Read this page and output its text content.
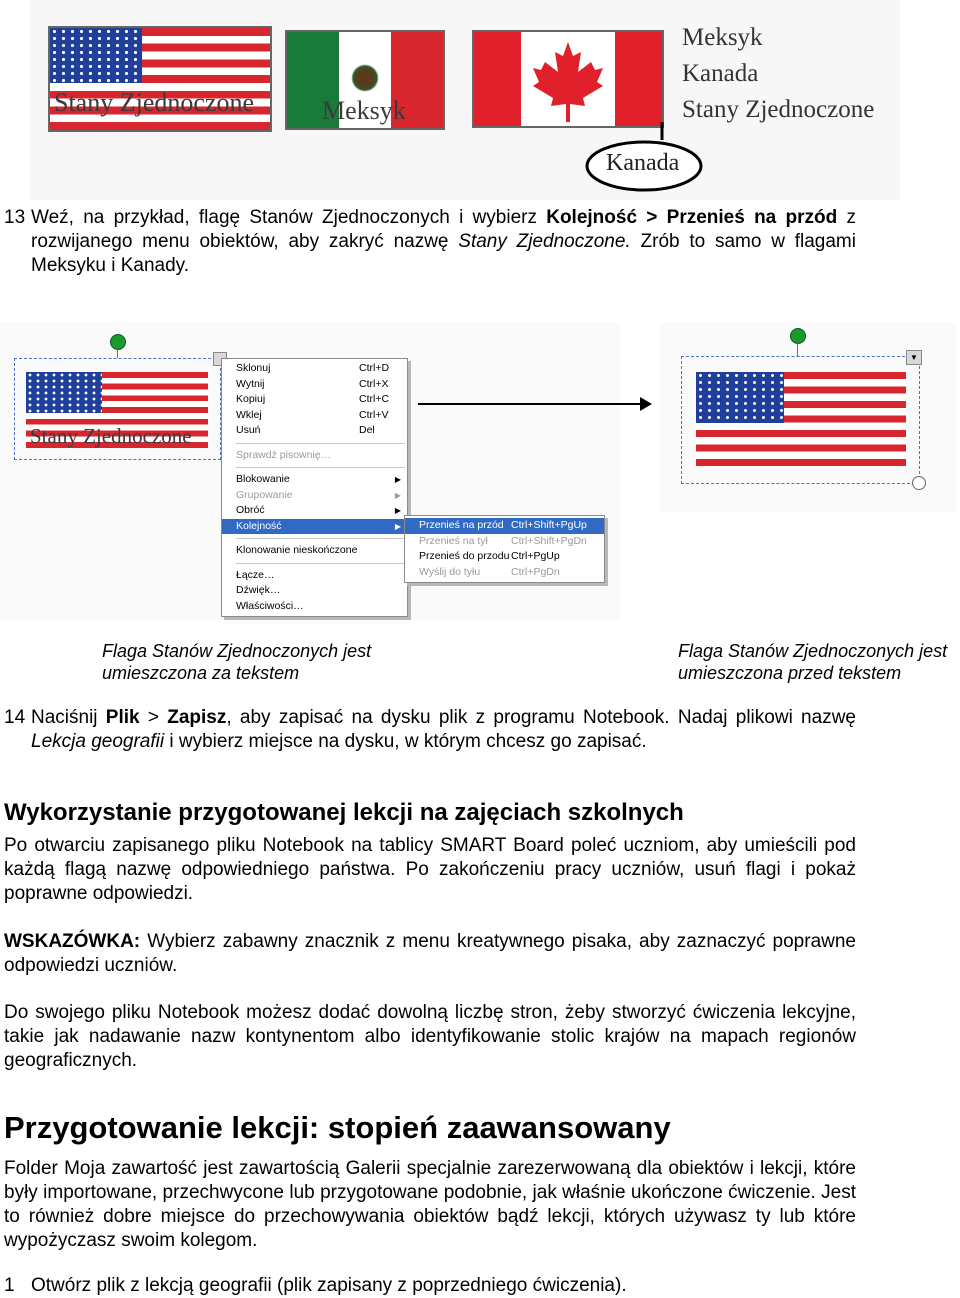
Stany Zjednoczone	Meksyk
Kanada
Meksyk
Kanada
Stany Zjednoczone
13 Weź, na przykład, flagę Stanów Zjednoczonych i wybierz Kolejność > Przenieś na przód z rozwijanego menu obiektów, aby zakryć nazwę Stany Zjednoczone. Zrób to samo w flagami Meksyku i Kanady.
Stany Zjednoczone
Sklonuj	Ctrl+D
Wytnij	Ctrl+X
Kopiuj	Ctrl+C
Wklej	Ctrl+V
Usuń	Del
Sprawdź pisownię…
Blokowanie	▶
Grupowanie	▶
Obróć	▶
Kolejność	▶
Klonowanie nieskończone
Łącze…
Dźwięk…
Właściwości…
Przenieś na przód Ctrl+Shift+PgUp
Przenieś na tył Ctrl+Shift+PgDn
Przenieś do przodu Ctrl+PgUp
Wyślij do tyłu	Ctrl+PgDn
▼
Flaga Stanów Zjednoczonych jest
umieszczona za tekstem
Flaga Stanów Zjednoczonych jest
umieszczona przed tekstem
14 Naciśnij Plik > Zapisz, aby zapisać na dysku plik z programu Notebook. Nadaj plikowi nazwę Lekcja geografii i wybierz miejsce na dysku, w którym chcesz go zapisać.
Wykorzystanie przygotowanej lekcji na zajęciach szkolnych
Po otwarciu zapisanego pliku Notebook na tablicy SMART Board poleć uczniom, aby umieścili pod każdą flagą nazwę odpowiedniego państwa. Po zakończeniu pracy uczniów, usuń flagi i pokaż poprawne odpowiedzi.
WSKAZÓWKA: Wybierz zabawny znacznik z menu kreatywnego pisaka, aby zaznaczyć poprawne odpowiedzi uczniów.
Do swojego pliku Notebook możesz dodać dowolną liczbę stron, żeby stworzyć ćwiczenia lekcyjne, takie jak nadawanie nazw kontynentom albo identyfikowanie stolic krajów na mapach regionów geograficznych.
Przygotowanie lekcji: stopień zaawansowany
Folder Moja zawartość jest zawartością Galerii specjalnie zarezerwowaną dla obiektów i lekcji, które były importowane, przechwycone lub przygotowane podobnie, jak właśnie ukończone ćwiczenie. Jest to również dobre miejsce do przechowywania obiektów bądź lekcji, których używasz ty lub które wypożyczasz swoim kolegom.
1 Otwórz plik z lekcją geografii (plik zapisany z poprzedniego ćwiczenia).
